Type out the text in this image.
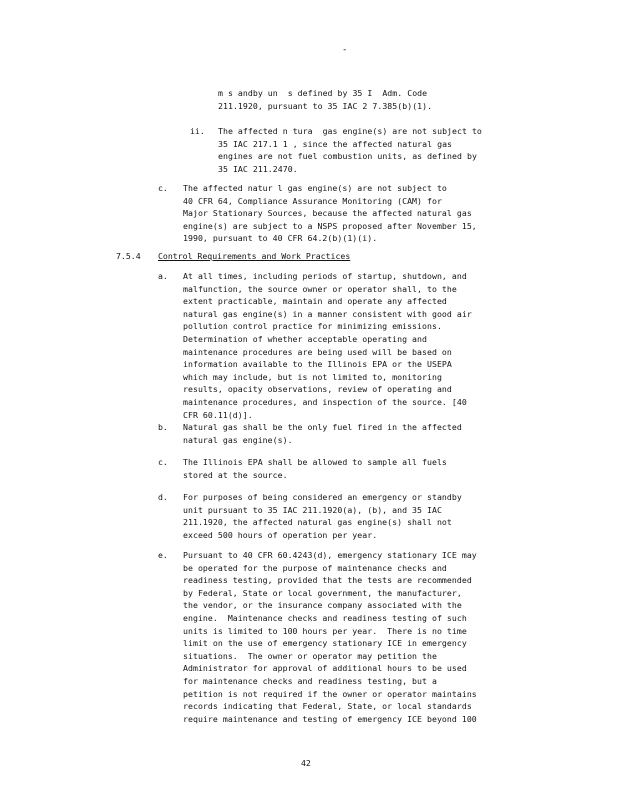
-
m s andby un  s defined by 35 I  Adm. Code
211.1920, pursuant to 35 IAC 2 7.385(b)(1).
ii. The affected n tura  gas engine(s) are not subject to
35 IAC 217.1 1 , since the affected natural gas
engines are not fuel combustion units, as defined by
35 IAC 211.2470.
c. The affected natur l gas engine(s) are not subject to
40 CFR 64, Compliance Assurance Monitoring (CAM) for
Major Stationary Sources, because the affected natural gas
engine(s) are subject to a NSPS proposed after November 15,
1990, pursuant to 40 CFR 64.2(b)(1)(i).
7.5.4 Control Requirements and Work Practices
a. At all times, including periods of startup, shutdown, and
malfunction, the source owner or operator shall, to the
extent practicable, maintain and operate any affected
natural gas engine(s) in a manner consistent with good air
pollution control practice for minimizing emissions.
Determination of whether acceptable operating and
maintenance procedures are being used will be based on
information available to the Illinois EPA or the USEPA
which may include, but is not limited to, monitoring
results, opacity observations, review of operating and
maintenance procedures, and inspection of the source. [40
CFR 60.11(d)].
b. Natural gas shall be the only fuel fired in the affected
natural gas engine(s).
c. The Illinois EPA shall be allowed to sample all fuels
stored at the source.
d. For purposes of being considered an emergency or standby
unit pursuant to 35 IAC 211.1920(a), (b), and 35 IAC
211.1920, the affected natural gas engine(s) shall not
exceed 500 hours of operation per year.
e. Pursuant to 40 CFR 60.4243(d), emergency stationary ICE may
be operated for the purpose of maintenance checks and
readiness testing, provided that the tests are recommended
by Federal, State or local government, the manufacturer,
the vendor, or the insurance company associated with the
engine.  Maintenance checks and readiness testing of such
units is limited to 100 hours per year.  There is no time
limit on the use of emergency stationary ICE in emergency
situations.  The owner or operator may petition the
Administrator for approval of additional hours to be used
for maintenance checks and readiness testing, but a
petition is not required if the owner or operator maintains
records indicating that Federal, State, or local standards
require maintenance and testing of emergency ICE beyond 100
42
